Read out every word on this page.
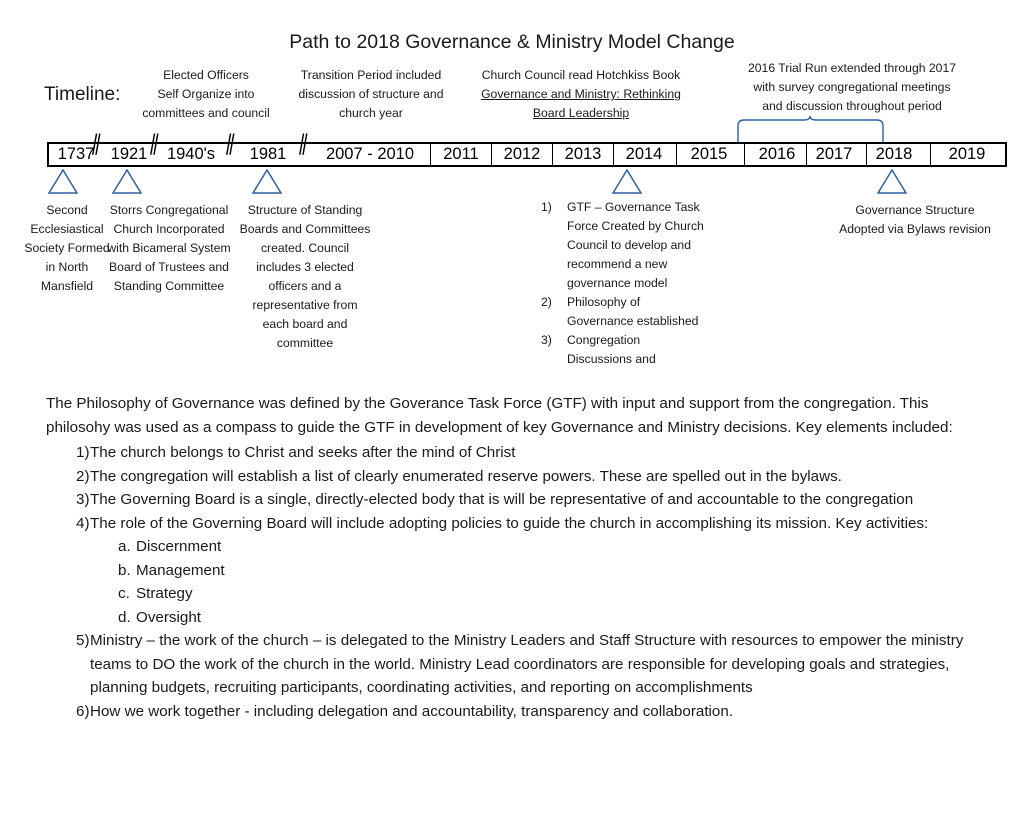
Path to 2018 Governance & Ministry Model Change
Timeline:
Elected Officers
Self Organize into
committees and council
Transition Period included
discussion of structure and
church year
Church Council read Hotchkiss Book
Governance and Ministry: Rethinking
Board Leadership
2016 Trial Run extended through 2017
with survey congregational meetings
and discussion throughout period
1737 1921	1940's	1981	2007 - 2010	2011	2012	2013	2014	2015	2016	2017	2018	2019
//	//	//	//
Second
Ecclesiastical
Society Formed
in North
Mansfield
Storrs Congregational
Church Incorporated
with Bicameral System
Board of Trustees and
Standing Committee
Structure of Standing
Boards and Committees
created. Council
includes 3 elected
officers and a
representative from
each board and
committee
1)	GTF – Governance Task Force Created by Church Council to develop and recommend a new governance model
2)	Philosophy of Governance established
3)	Congregation Discussions and
Governance Structure
Adopted via Bylaws revision

The Philosophy of Governance was defined by the Goverance Task Force (GTF) with input and support from the congregation. This philosohy was used as a compass to guide the GTF in development of key Governance and Ministry decisions. Key elements included:

1) The church belongs to Christ and seeks after the mind of Christ
2) The congregation will establish a list of clearly enumerated reserve powers. These are spelled out in the bylaws.
3) The Governing Board is a single, directly-elected body that is will be representative of and accountable to the congregation
4) The role of the Governing Board will include adopting policies to guide the church in accomplishing its mission. Key activities:
a. Discernment
b. Management
c. Strategy
d. Oversight
5) Ministry – the work of the church – is delegated to the Ministry Leaders and Staff Structure with resources to empower the ministry teams to DO the work of the church in the world. Ministry Lead coordinators are responsible for developing goals and strategies, planning budgets, recruiting participants, coordinating activities, and reporting on accomplishments
6) How we work together - including delegation and accountability, transparency and collaboration.
